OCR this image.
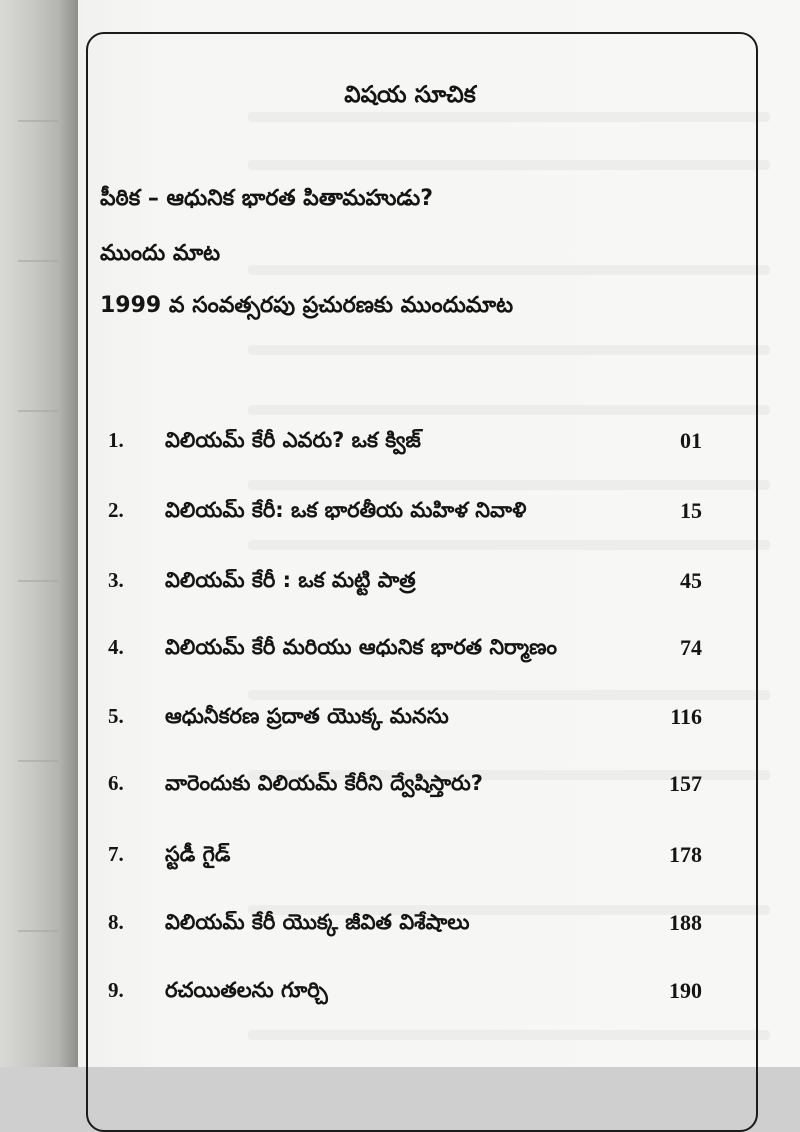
విషయ సూచిక
పీఠిక – ఆధునిక భారత పితామహుడు?
ముందు మాట
1999 వ సంవత్సరపు ప్రచురణకు ముందుమాట
1. విలియమ్ కేరీ ఎవరు? ఒక క్విజ్	01
2. విలియమ్ కేరీ: ఒక భారతీయ మహిళ నివాళి	15
3. విలియమ్ కేరీ : ఒక మట్టి పాత్ర	45
4. విలియమ్ కేరీ మరియు ఆధునిక భారత నిర్మాణం	74
5. ఆధునీకరణ ప్రదాత యొక్క మనసు	116
6. వారెందుకు విలియమ్ కేరీని ద్వేషిస్తారు?	157
7. స్టడీ గైడ్	178
8. విలియమ్ కేరీ యొక్క జీవిత విశేషాలు	188
9. రచయితలను గూర్చి	190
